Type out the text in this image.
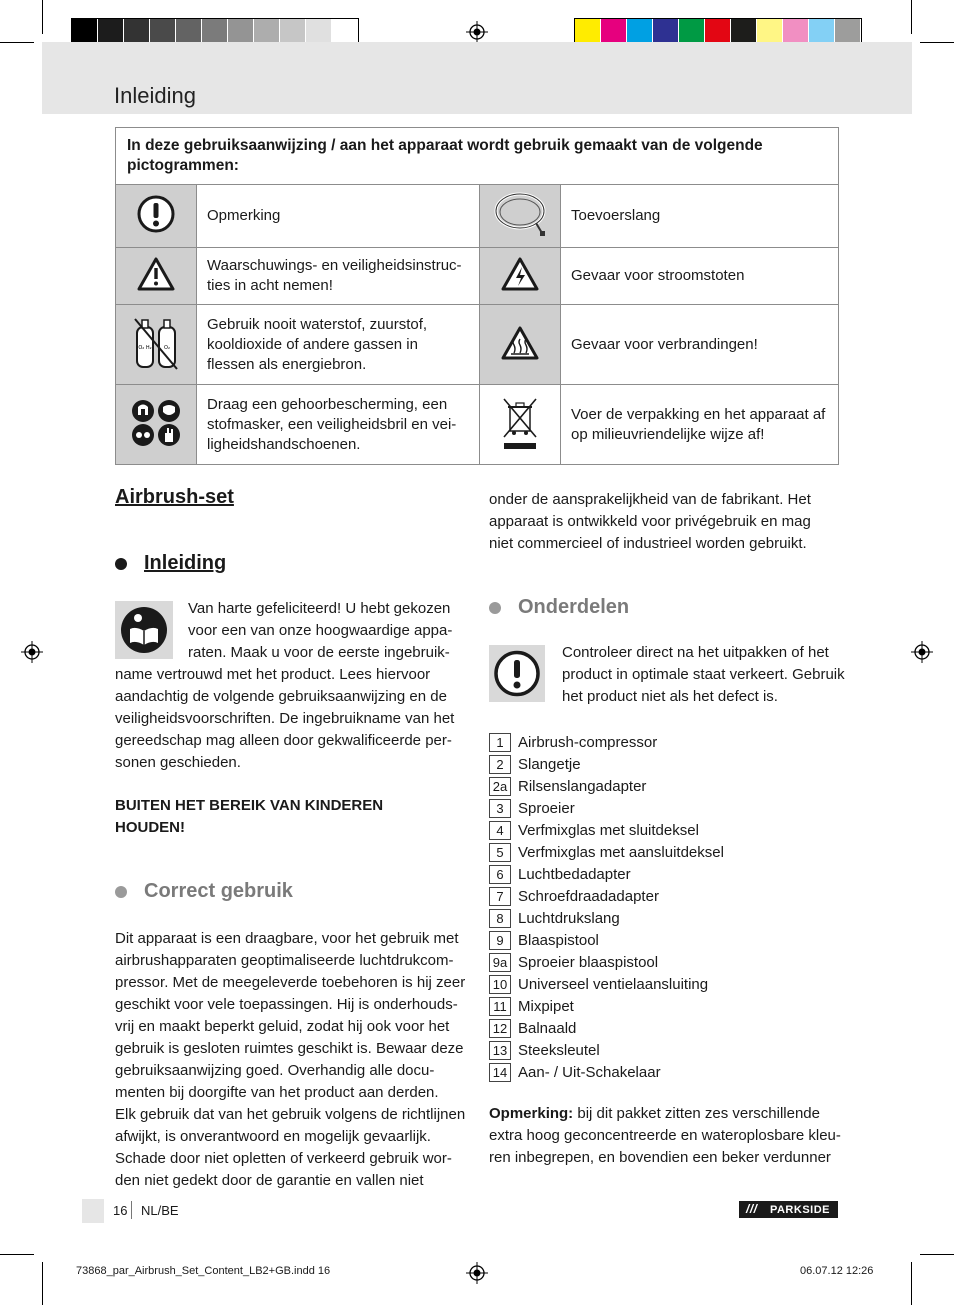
Inleiding
In deze gebruiksaanwijzing / aan het apparaat wordt gebruik gemaakt van de volgende pictogrammen:			
	Opmerking		Toevoerslang
	Waarschuwings- en veiligheidsinstruc-ties in acht nemen!		Gevaar voor stroomstoten

O₂ H₂ O₂	Gebruik nooit waterstof, zuurstof, kooldioxide of andere gassen in flessen als energiebron.		Gevaar voor verbrandingen!
	Draag een gehoorbescherming, een stofmasker, een veiligheidsbril en vei-ligheidshandschoenen.		Voer de verpakking en het apparaat af op milieuvriendelijke wijze af!
Airbrush-set
Inleiding
Van harte gefeliciteerd! U hebt gekozen
voor een van onze hoogwaardige appa-
raten. Maak u voor de eerste ingebruik-
name vertrouwd met het product. Lees hiervoor
aandachtig de volgende gebruiksaanwijzing en de
veiligheidsvoorschriften. De ingebruikname van het
gereedschap mag alleen door gekwalificeerde per-
sonen geschieden.
BUITEN HET BEREIK VAN KINDEREN
HOUDEN!
Correct gebruik
Dit apparaat is een draagbare, voor het gebruik met
airbrushapparaten geoptimaliseerde luchtdrukcom-
pressor. Met de meegeleverde toebehoren is hij zeer
geschikt voor vele toepassingen. Hij is onderhouds-
vrij en maakt beperkt geluid, zodat hij ook voor het
gebruik is gesloten ruimtes geschikt is. Bewaar deze
gebruiksaanwijzing goed. Overhandig alle docu-
menten bij doorgifte van het product aan derden.
Elk gebruik dat van het gebruik volgens de richtlijnen
afwijkt, is onverantwoord en mogelijk gevaarlijk.
Schade door niet opletten of verkeerd gebruik wor-
den niet gedekt door de garantie en vallen niet
onder de aansprakelijkheid van de fabrikant. Het
apparaat is ontwikkeld voor privégebruik en mag
niet commercieel of industrieel worden gebruikt.
Onderdelen
Controleer direct na het uitpakken of het
product in optimale staat verkeert. Gebruik
het product niet als het defect is.
1 Airbrush-compressor
2 Slangetje
2a Rilsenslangadapter
3 Sproeier
4 Verfmixglas met sluitdeksel
5 Verfmixglas met aansluitdeksel
6 Luchtbedadapter
7 Schroefdraadadapter
8 Luchtdrukslang
9 Blaaspistool
9a Sproeier blaaspistool
10 Universeel ventielaansluiting
11 Mixpipet
12 Balnaald
13 Steeksleutel
14 Aan- / Uit-Schakelaar
Opmerking: bij dit pakket zitten zes verschillende
extra hoog geconcentreerde en wateroplosbare kleu-
ren inbegrepen, en bovendien een beker verdunner
16 NL/BE	/// PARKSIDE
73868_par_Airbrush_Set_Content_LB2+GB.indd 16	06.07.12 12:26
